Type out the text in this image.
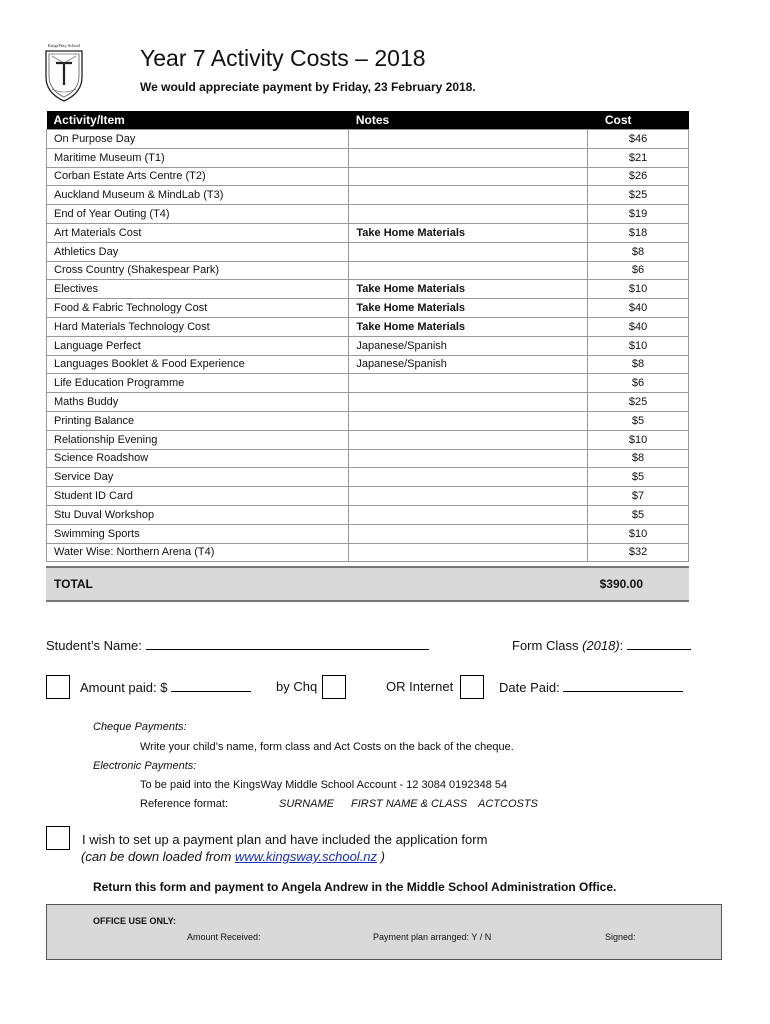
KingsWay School	Year 7 Activity Costs – 2018
We would appreciate payment by Friday, 23 February 2018.
Activity/Item	Notes	Cost
On Purpose Day		$46
Maritime Museum (T1)		$21
Corban Estate Arts Centre (T2)		$26
Auckland Museum & MindLab (T3)		$25
End of Year Outing (T4)		$19
Art Materials Cost	Take Home Materials	$18
Athletics Day		$8
Cross Country (Shakespear Park)		$6
Electives	Take Home Materials	$10
Food & Fabric Technology Cost	Take Home Materials	$40
Hard Materials Technology Cost	Take Home Materials	$40
Language Perfect	Japanese/Spanish	$10
Languages Booklet & Food Experience	Japanese/Spanish	$8
Life Education Programme		$6
Maths Buddy		$25
Printing Balance		$5
Relationship Evening		$10
Science Roadshow		$8
Service Day		$5
Student ID Card		$7
Stu Duval Workshop		$5
Swimming Sports		$10
Water Wise: Northern Arena (T4)		$32
TOTAL	$390.00
Student’s Name:	Form Class (2018):
Amount paid: $	by Chq	OR Internet	Date Paid:
Cheque Payments:
Write your child’s name, form class and Act Costs on the back of the cheque.
Electronic Payments:
To be paid into the KingsWay Middle School Account - 12 3084 0192348 54
Reference format:	SURNAME FIRST NAME & CLASS ACTCOSTS
I wish to set up a payment plan and have included the application form
(can be down loaded from www.kingsway.school.nz )
Return this form and payment to Angela Andrew in the Middle School Administration Office.
OFFICE USE ONLY:
Amount Received:	Payment plan arranged: Y / N	Signed:
